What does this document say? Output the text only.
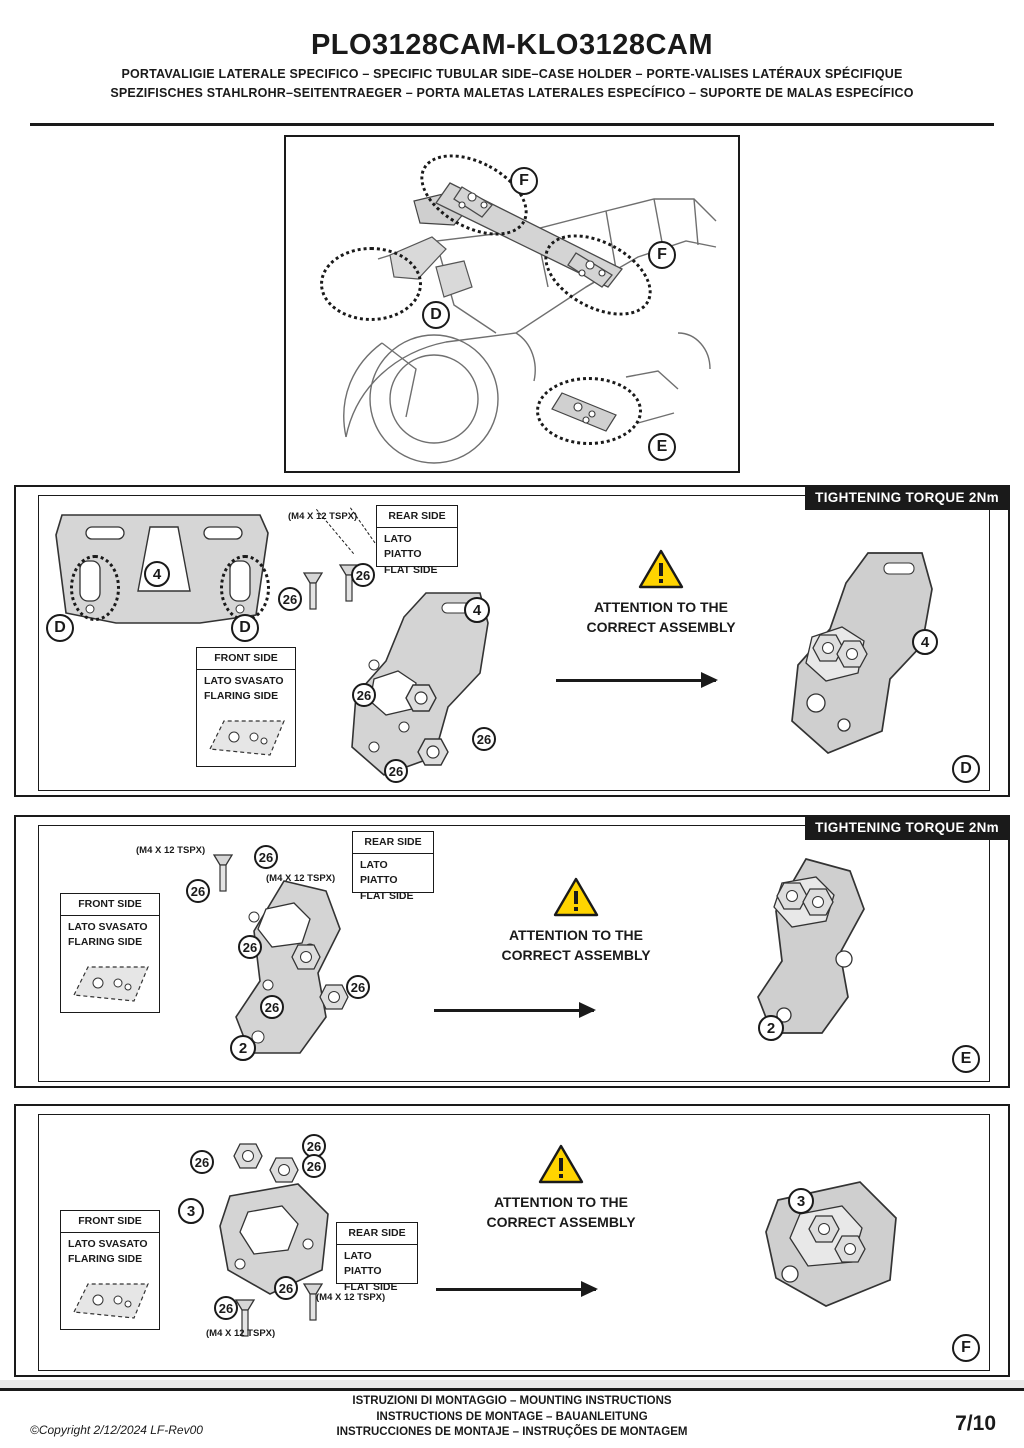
PLO3128CAM-KLO3128CAM
PORTAVALIGIE LATERALE SPECIFICO – SPECIFIC TUBULAR SIDE–CASE HOLDER – PORTE-VALISES LATÉRAUX SPÉCIFIQUE
SPEZIFISCHES STAHLROHR–SEITENTRAEGER – PORTA MALETAS LATERALES ESPECÍFICO – SUPORTE DE MALAS ESPECÍFICO
F
F
D
E
TIGHTENING TORQUE 2Nm
D	D
4
(M4 X 12 TSPX)
26
26
REAR SIDE
LATO PIATTO
FLAT SIDE
FRONT SIDE
LATO SVASATO
FLARING SIDE
4
26
26
26
ATTENTION TO THE
CORRECT ASSEMBLY
4
D
TIGHTENING TORQUE 2Nm
(M4 X 12 TSPX)
(M4 X 12 TSPX)
REAR SIDE
LATO PIATTO
FLAT SIDE
FRONT SIDE
LATO SVASATO
FLARING SIDE
26
26
26
26
26
2
ATTENTION TO THE
CORRECT ASSEMBLY
2
E
FRONT SIDE
LATO SVASATO
FLARING SIDE
REAR SIDE
LATO PIATTO
FLAT SIDE
26
26	26
26
26
3
(M4 X 12 TSPX)
(M4 X 12 TSPX)
ATTENTION TO THE
CORRECT ASSEMBLY
3
F
ISTRUZIONI DI MONTAGGIO – MOUNTING INSTRUCTIONS
INSTRUCTIONS DE MONTAGE – BAUANLEITUNG
INSTRUCCIONES DE MONTAJE – INSTRUÇÕES DE MONTAGEM
©Copyright 2/12/2024 LF-Rev00	7/10
